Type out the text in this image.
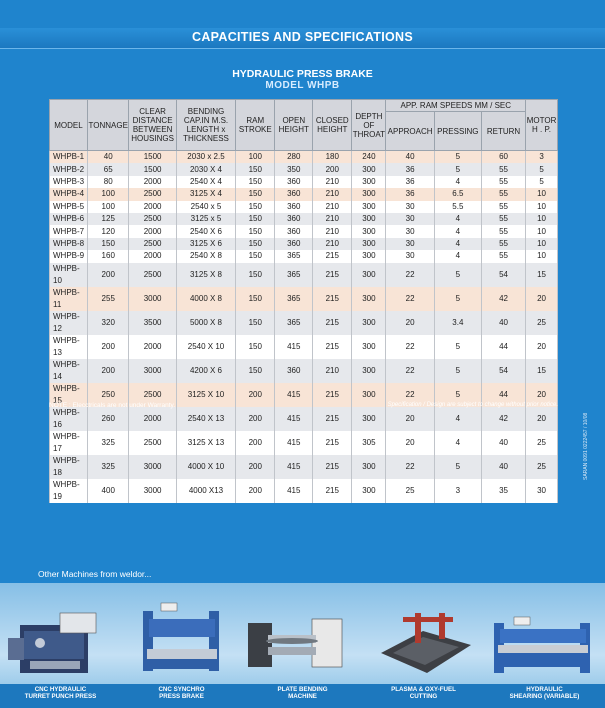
CAPACITIES AND SPECIFICATIONS
HYDRAULIC PRESS BRAKE
MODEL WHPB
MODEL	TONNAGE	CLEAR DISTANCE BETWEEN HOUSINGS	BENDING CAP.IN M.S. LENGTH x THICKNESS	RAM STROKE	OPEN HEIGHT	CLOSED HEIGHT	DEPTH OF THROAT	APP. RAM SPEEDS MM / SEC			MOTOR H . P.
								APPROACH	PRESSING	RETURN	
WHPB-1	40	1500	2030 x 2.5	100	280	180	240	40	5	60	3
WHPB-2	65	1500	2030 X 4	150	350	200	300	36	5	55	5
WHPB-3	80	2000	2540 X 4	150	360	210	300	36	4	55	5
WHPB-4	100	2500	3125 X 4	150	360	210	300	36	6.5	55	10
WHPB-5	100	2000	2540 x 5	150	360	210	300	30	5.5	55	10
WHPB-6	125	2500	3125 x 5	150	360	210	300	30	4	55	10
WHPB-7	120	2000	2540 X 6	150	360	210	300	30	4	55	10
WHPB-8	150	2500	3125 X 6	150	360	210	300	30	4	55	10
WHPB-9	160	2000	2540 X 8	150	365	215	300	30	4	55	10
WHPB-10	200	2500	3125 X 8	150	365	215	300	22	5	54	15
WHPB-11	255	3000	4000 X 8	150	365	215	300	22	5	42	20
WHPB-12	320	3500	5000 X 8	150	365	215	300	20	3.4	40	25
WHPB-13	200	2000	2540 X 10	150	415	215	300	22	5	44	20
WHPB-14	200	3000	4200 X 6	150	360	210	300	22	5	54	15
WHPB-15	250	2500	3125 X 10	200	415	215	300	22	5	44	20
WHPB-16	260	2000	2540 X 13	200	415	215	300	20	4	42	20
WHPB-17	325	2500	3125 X 13	200	415	215	305	20	4	40	25
WHPB-18	325	3000	4000 X 10	200	415	215	300	22	5	40	25
WHPB-19	400	3000	4000 X13	200	415	215	300	25	3	35	30
NOTE : Elecctricals are not under Warranty.	Specification / Design are subject to change without prior notice.
SARAN 0091 0222457 / 10/08
Other Machines from weldor...
CNC HYDRAULIC
TURRET PUNCH PRESS
CNC SYNCHRO
PRESS BRAKE
PLATE BENDING
MACHINE
PLASMA & OXY-FUEL
CUTTING
HYDRAULIC
SHEARING (VARIABLE)
